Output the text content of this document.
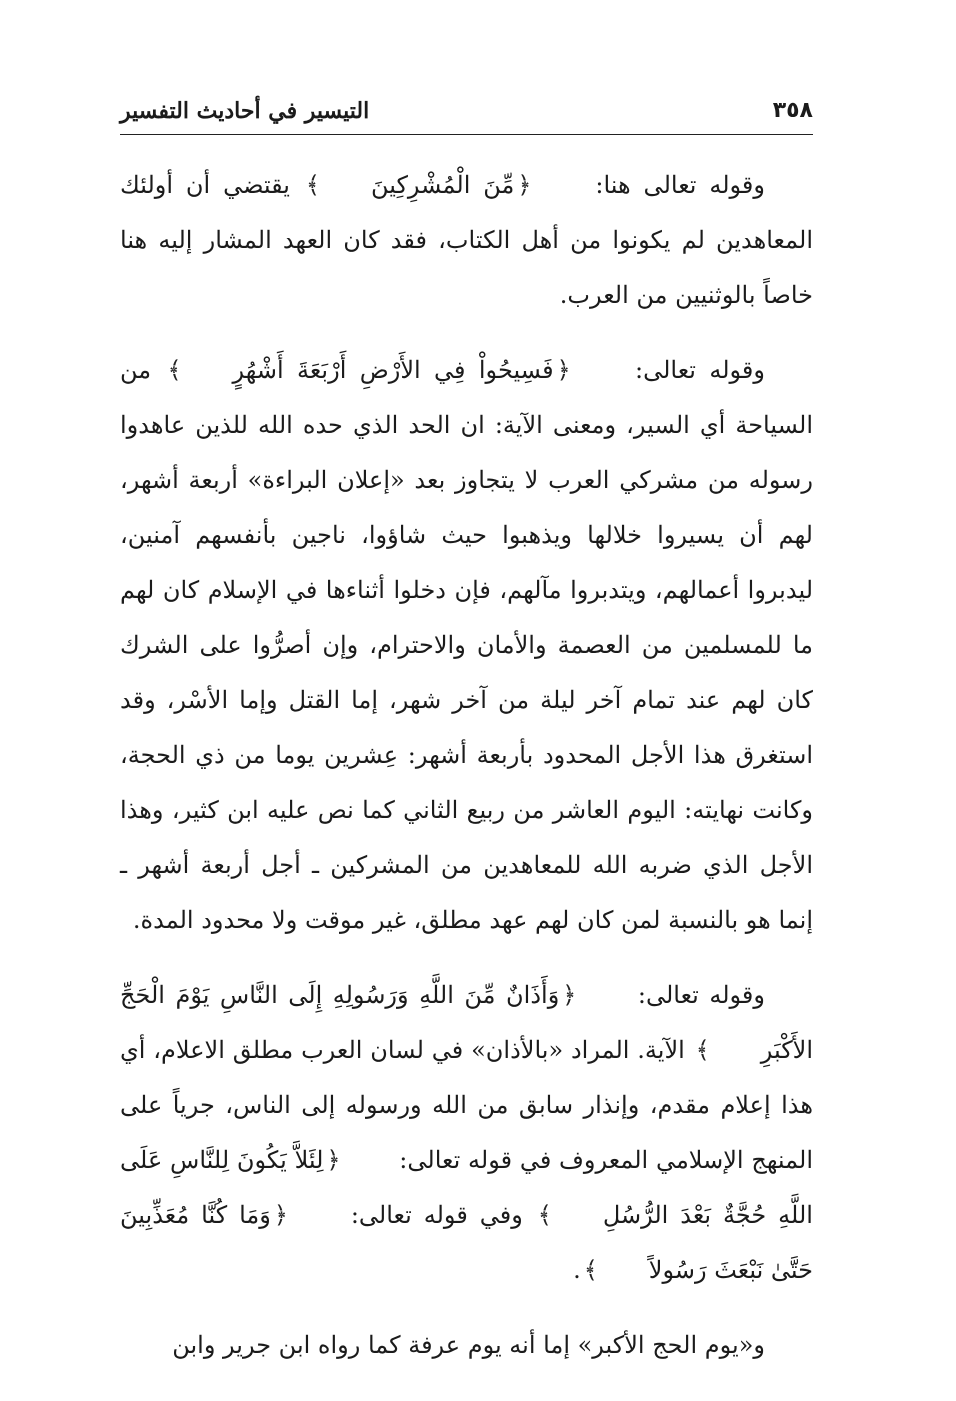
٣٥٨
التيسير في أحاديث التفسير

وقوله تعالى هنا: ﴿مِّنَ الْمُشْرِكِينَ﴾ يقتضي أن أولئك المعاهدين لم يكونوا من أهل الكتاب، فقد كان العهد المشار إليه هنا خاصاً بالوثنيين من العرب.

وقوله تعالى: ﴿فَسِيحُواْ فِي الأَرْضِ أَرْبَعَةَ أَشْهُرٍ﴾ من السياحة أي السير، ومعنى الآية: ان الحد الذي حده الله للذين عاهدوا رسوله من مشركي العرب لا يتجاوز بعد «إعلان البراءة» أربعة أشهر، لهم أن يسيروا خلالها ويذهبوا حيث شاؤوا، ناجين بأنفسهم آمنين، ليدبروا أعمالهم، ويتدبروا مآلهم، فإن دخلوا أثناءها في الإسلام كان لهم ما للمسلمين من العصمة والأمان والاحترام، وإن أصرُّوا على الشرك كان لهم عند تمام آخر ليلة من آخر شهر، إما القتل وإما الأسْر، وقد استغرق هذا الأجل المحدود بأربعة أشهر: عِشرين يوما من ذي الحجة، وكانت نهايته: اليوم العاشر من ربيع الثاني كما نص عليه ابن كثير، وهذا الأجل الذي ضربه الله للمعاهدين من المشركين ـ أجل أربعة أشهر ـ إنما هو بالنسبة لمن كان لهم عهد مطلق، غير موقت ولا محدود المدة.

وقوله تعالى: ﴿وَأَذَانٌ مِّنَ اللَّهِ وَرَسُولِهِ إِلَى النَّاسِ يَوْمَ الْحَجِّ الأَكْبَرِ﴾ الآية. المراد «بالأذان» في لسان العرب مطلق الاعلام، أي هذا إعلام مقدم، وإنذار سابق من الله ورسوله إلى الناس، جرياً على المنهج الإسلامي المعروف في قوله تعالى: ﴿لِئَلاَّ يَكُونَ لِلنَّاسِ عَلَى اللَّهِ حُجَّةٌ بَعْدَ الرُّسُلِ﴾ وفي قوله تعالى: ﴿وَمَا كُنَّا مُعَذِّبِينَ حَتَّىٰ نَبْعَثَ رَسُولاً﴾.

و«يوم الحج الأكبر» إما أنه يوم عرفة كما رواه ابن جرير وابن
